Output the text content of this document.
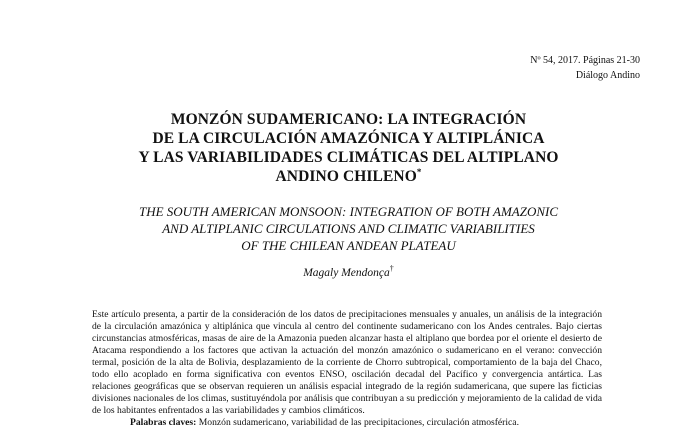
Nº 54, 2017. Páginas 21-30
Diálogo Andino
MONZÓN SUDAMERICANO: LA INTEGRACIÓN
DE LA CIRCULACIÓN AMAZÓNICA Y ALTIPLÁNICA
Y LAS VARIABILIDADES CLIMÁTICAS DEL ALTIPLANO
ANDINO CHILENO*
THE SOUTH AMERICAN MONSOON: INTEGRATION OF BOTH AMAZONIC
AND ALTIPLANIC CIRCULATIONS AND CLIMATIC VARIABILITIES
OF THE CHILEAN ANDEAN PLATEAU
Magaly Mendonça†

Este artículo presenta, a partir de la consideración de los datos de precipitaciones mensuales y anuales, un análisis de la integración de la circulación amazónica y altiplánica que vincula al centro del continente sudamericano con los Andes centrales. Bajo ciertas circunstancias atmosféricas, masas de aire de la Amazonia pueden alcanzar hasta el altiplano que bordea por el oriente el desierto de Atacama respondiendo a los factores que activan la actuación del monzón amazónico o sudamericano en el verano: convección termal, posición de la alta de Bolivia, desplazamiento de la corriente de Chorro subtropical, comportamiento de la baja del Chaco, todo ello acoplado en forma significativa con eventos ENSO, oscilación decadal del Pacífico y convergencia antártica. Las relaciones geográficas que se observan requieren un análisis espacial integrado de la región sudamericana, que supere las ficticias divisiones nacionales de los climas, sustituyéndola por análisis que contribuyan a su predicción y mejoramiento de la calidad de vida de los habitantes enfrentados a las variabilidades y cambios climáticos.

Palabras claves: Monzón sudamericano, variabilidad de las precipitaciones, circulación atmosférica.
